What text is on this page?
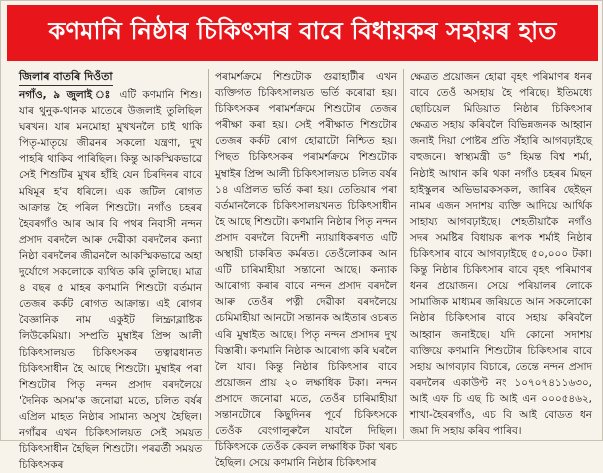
কণমানি নিষ্ঠাৰ চিকিৎসাৰ বাবে বিধায়কৰ সহায়ৰ হাত
জিলাৰ বাতৰি দিওঁতা

নগাঁও, ৯ জুলাই ঃ এটি কণমানি শিশু। যাৰ থুনুক-থানক মাতেৰে উজলাই তুলিছিল ঘৰখন। যাৰ মনমোহা মুখখনলৈ চাই থাকি পিতৃ-মাতৃয়ে জীৱনৰ সকলো যন্ত্ৰণা, দুখ পাহৰি থাকিব পাৰিছিল। কিন্তু আকস্মিকভাৱে সেই শিশুটিৰ মুখৰ হাঁহি যেন চিৰদিনৰ বাবে মষিমূৰ হ'ব ধৰিলে। এক জটিল ৰোগত আক্ৰান্ত হৈ পৰিল শিশুটো। নগাঁও চহৰৰ হৈবৰগাঁও আৰ আৰ বি পথৰ নিবাসী নন্দন প্ৰসাদ বৰদলৈ আৰু দেৱীকা বৰদলৈৰ কন্যা নিষ্ঠা বৰদলৈৰ জীৱনলৈ আকস্মিকভাৱে অহা দুৰ্যোগে সকলোকে ব্যথিত কৰি তুলিছে। মাত্ৰ ৪ বছৰ ৫ মাহৰ কণমানি শিশুটো বৰ্তমান তেজৰ কৰ্কট ৰোগত আক্ৰান্ত। এই ৰোগৰ বৈজ্ঞানিক নাম একুইট লিম্ফ্ৰাব্লাষ্টিক লিউকেমিয়া। সম্প্ৰতি মুম্বাইৰ প্ৰিন্স আলী চিকিৎসালয়ত চিকিৎসকৰ তত্বাৱধানত চিকিৎসাধীন হৈ আছে শিশুটো। মুম্বাইৰ পৰা শিশুটোৰ পিতৃ নন্দন প্ৰসাদ বৰদলৈয়ে 'দৈনিক অসম'ক জনোৱা মতে, চলিত বৰ্ষৰ এপ্ৰিল মাহত নিষ্ঠাৰ সামান্য অসুখ হৈছিল। নগাঁৱৰ এখন চিকিৎসালয়ত সেই সময়ত চিকিৎসাধীন হৈছিল শিশুটো। পৰৱৰ্তী সময়ত চিকিৎসকৰ

পৰামৰ্শক্ৰমে শিশুটোক গুৱাহাটীৰ এখন ব্যক্তিগত চিকিৎসালয়ত ভৰ্তি কৰোৱা হয়। চিকিৎসকৰ পৰামৰ্শক্ৰমে শিশুটোৰ তেজৰ পৰীক্ষা কৰা হয়। সেই পৰীক্ষাত শিশুটোৰ তেজৰ কৰ্কট ৰোগ হোৱাটো নিশ্চিত হয়। পিছত চিকিৎসকৰ পৰামৰ্শক্ৰমে শিশুটোক মুম্বাইৰ প্ৰিন্স আলী চিকিৎসালয়ত চলিত বৰ্ষৰ ১৪ এপ্ৰিলত ভৰ্তি কৰা হয়। তেতিয়াৰ পৰা বৰ্তমানলৈকে চিকিৎসালয়খনত চিকিৎসাধীন হৈ আছে শিশুটো। কণমানি নিষ্ঠাৰ পিতৃ নন্দন প্ৰসাদ বৰদলৈ বিদেশী ন্যায়াধিকৰণত এটি অস্থায়ী চাকৰিত কৰ্মৰত। তেওঁলোকৰ আন এটি চাৰিমাহীয়া সন্তানো আছে। কন্যাক আৰোগ্য কৰাৰ বাবে নন্দন প্ৰসাদ বৰদলৈ আৰু তেওঁৰ পত্নী দেৱীকা বৰদলৈয়ে চেমিমাহীয়া আনটো সন্তানক আইতাৰ ওচৰত এৰি মুম্বাইত আছে। পিতৃ নন্দন প্ৰসাদৰ দুখ বিস্তাৰী। কণমানি নিষ্ঠাক আৰোগ্য কৰি ঘৰলৈ লৈ যাব। কিন্তু নিষ্ঠাৰ চিকিৎসাৰ বাবে প্ৰয়োজন প্ৰায় ২০ লক্ষাধিক টকা। নন্দন প্ৰসাদে জনোৱা মতে, তেওঁৰ চাৰিমাহীয়া সন্তানটোৰে কিছুদিনৰ পূৰ্বে চিকিৎসকে তেওঁক বেংগালুৰুলৈ যাবলৈ দিছিল। চিকিৎসকে তেওঁক কেবল লক্ষাধিক টকা খৰচ হৈছিল। সেয়ে কণমানি নিষ্ঠাৰ চিকিৎসাৰ

ক্ষেত্ৰত প্ৰয়োজন হোৱা বৃহৎ পৰিমাণৰ ধনৰ বাবে তেওঁ অসহায় হৈ পৰিছে। ইতিমধ্যে ছোচিয়েল মিডিয়াত নিষ্ঠাৰ চিকিৎসাৰ ক্ষেত্ৰত সহায় কৰিবলৈ বিভিন্নজনক আহ্বান জনাই দিয়া পোষ্টৰ প্ৰতি সঁহাৰি আগবঢ়াইছে বহুজনে। স্বাস্থ্যমন্ত্ৰী ড° হিমন্ত বিশ্ব শৰ্মা, নিষ্ঠাই আথান কৰি থকা নগাঁও চহৰৰ মিছন হাইস্কুলৰ অভিভাৱকসকল, জাৰিৰ ছেইছন নামৰ এজন সদাশয় ব্যক্তি আদিয়ে আৰ্থিক সাহায্য আগবঢ়াইছে। শেহতীয়াকৈ নগাঁও সদৰ সমষ্টিৰ বিধায়ক ৰূপক শৰ্মাই নিষ্ঠাৰ চিকিৎসাৰ বাবে আগবঢ়াইছে ৫০,০০০ টকা। কিন্তু নিষ্ঠাৰ চিকিৎসাৰ বাবে বৃহৎ পৰিমাণৰ ধনৰ প্ৰয়োজন। সেয়ে পৰিয়ালৰ লোকে সামাজিক মাধ্যমৰ জৰিয়তে আন সকলোকো নিষ্ঠাৰ চিকিৎসাৰ বাবে সহায় কৰিবলৈ আহ্বান জনাইছে। যদি কোনো সদাশয় ব্যক্তিয়ে কণমানি শিশুটোৰ চিকিৎসাৰ বাবে সহায় আগবঢ়াব বিচাৰে, তেন্তে নন্দন প্ৰসাদ বৰদলৈৰ একাউণ্ট নং ১০৭০৭৪১১৬৩০, আই এফ চি এছ চি আই এন ০০০৫৪৬২, শাখা-হৈবৰগাঁও, এচ বি আই বোডত ধন জমা দি সহায় কৰিব পাৰিব।
